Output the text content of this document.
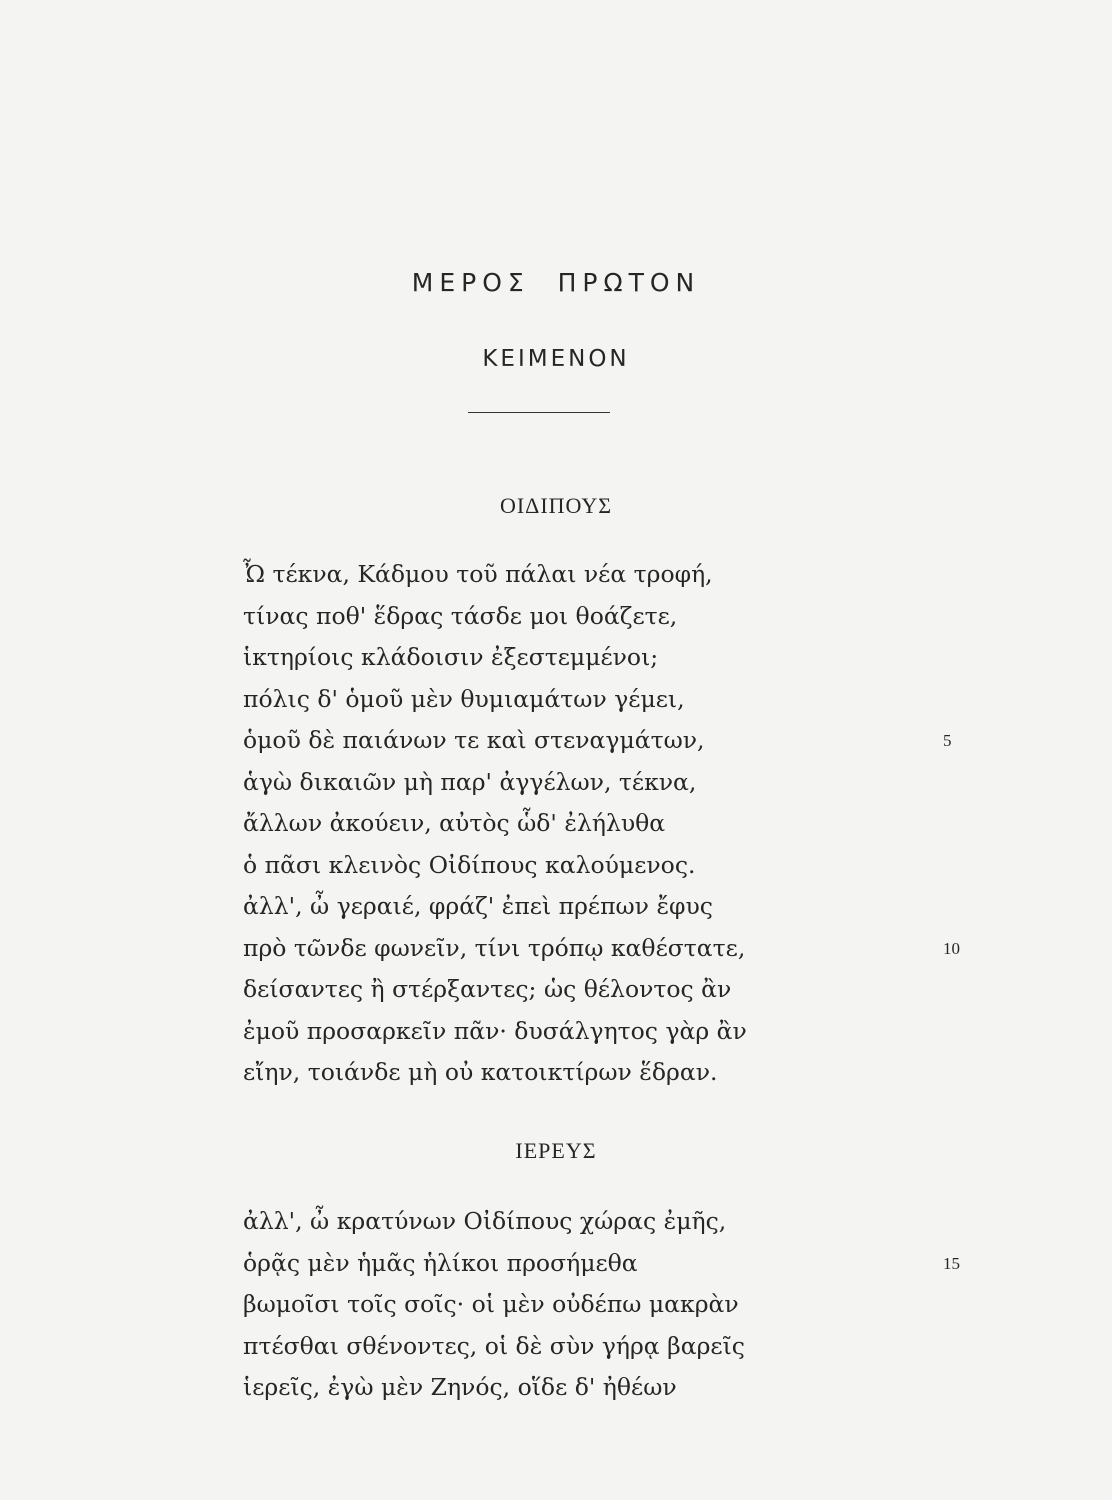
ΜΕΡΟΣ ΠΡΩΤΟΝ
ΚΕΙΜΕΝΟΝ
ΟΙΔΙΠΟΥΣ
Ὦ τέκνα, Κάδμου τοῦ πάλαι νέα τροφή,
τίνας ποθ' ἕδρας τάσδε μοι θοάζετε,
ἱκτηρίοις κλάδοισιν ἐξεστεμμένοι;
πόλις δ' ὁμοῦ μὲν θυμιαμάτων γέμει,
ὁμοῦ δὲ παιάνων τε καὶ στεναγμάτων,	5
ἁγὼ δικαιῶν μὴ παρ' ἀγγέλων, τέκνα,
ἄλλων ἀκούειν, αὐτὸς ὧδ' ἐλήλυθα
ὁ πᾶσι κλεινὸς Οἰδίπους καλούμενος.
ἀλλ', ὦ γεραιέ, φράζ' ἐπεὶ πρέπων ἔφυς
πρὸ τῶνδε φωνεῖν, τίνι τρόπῳ καθέστατε,	10
δείσαντες ἢ στέρξαντες; ὡς θέλοντος ἂν
ἐμοῦ προσαρκεῖν πᾶν· δυσάλγητος γὰρ ἂν
εἴην, τοιάνδε μὴ οὐ κατοικτίρων ἕδραν.
ΙΕΡΕΥΣ
ἀλλ', ὦ κρατύνων Οἰδίπους χώρας ἐμῆς,
ὁρᾷς μὲν ἡμᾶς ἡλίκοι προσήμεθα	15
βωμοῖσι τοῖς σοῖς· οἱ μὲν οὐδέπω μακρὰν
πτέσθαι σθένοντες, οἱ δὲ σὺν γήρᾳ βαρεῖς
ἱερεῖς, ἐγὼ μὲν Ζηνός, οἵδε δ' ἠθέων
